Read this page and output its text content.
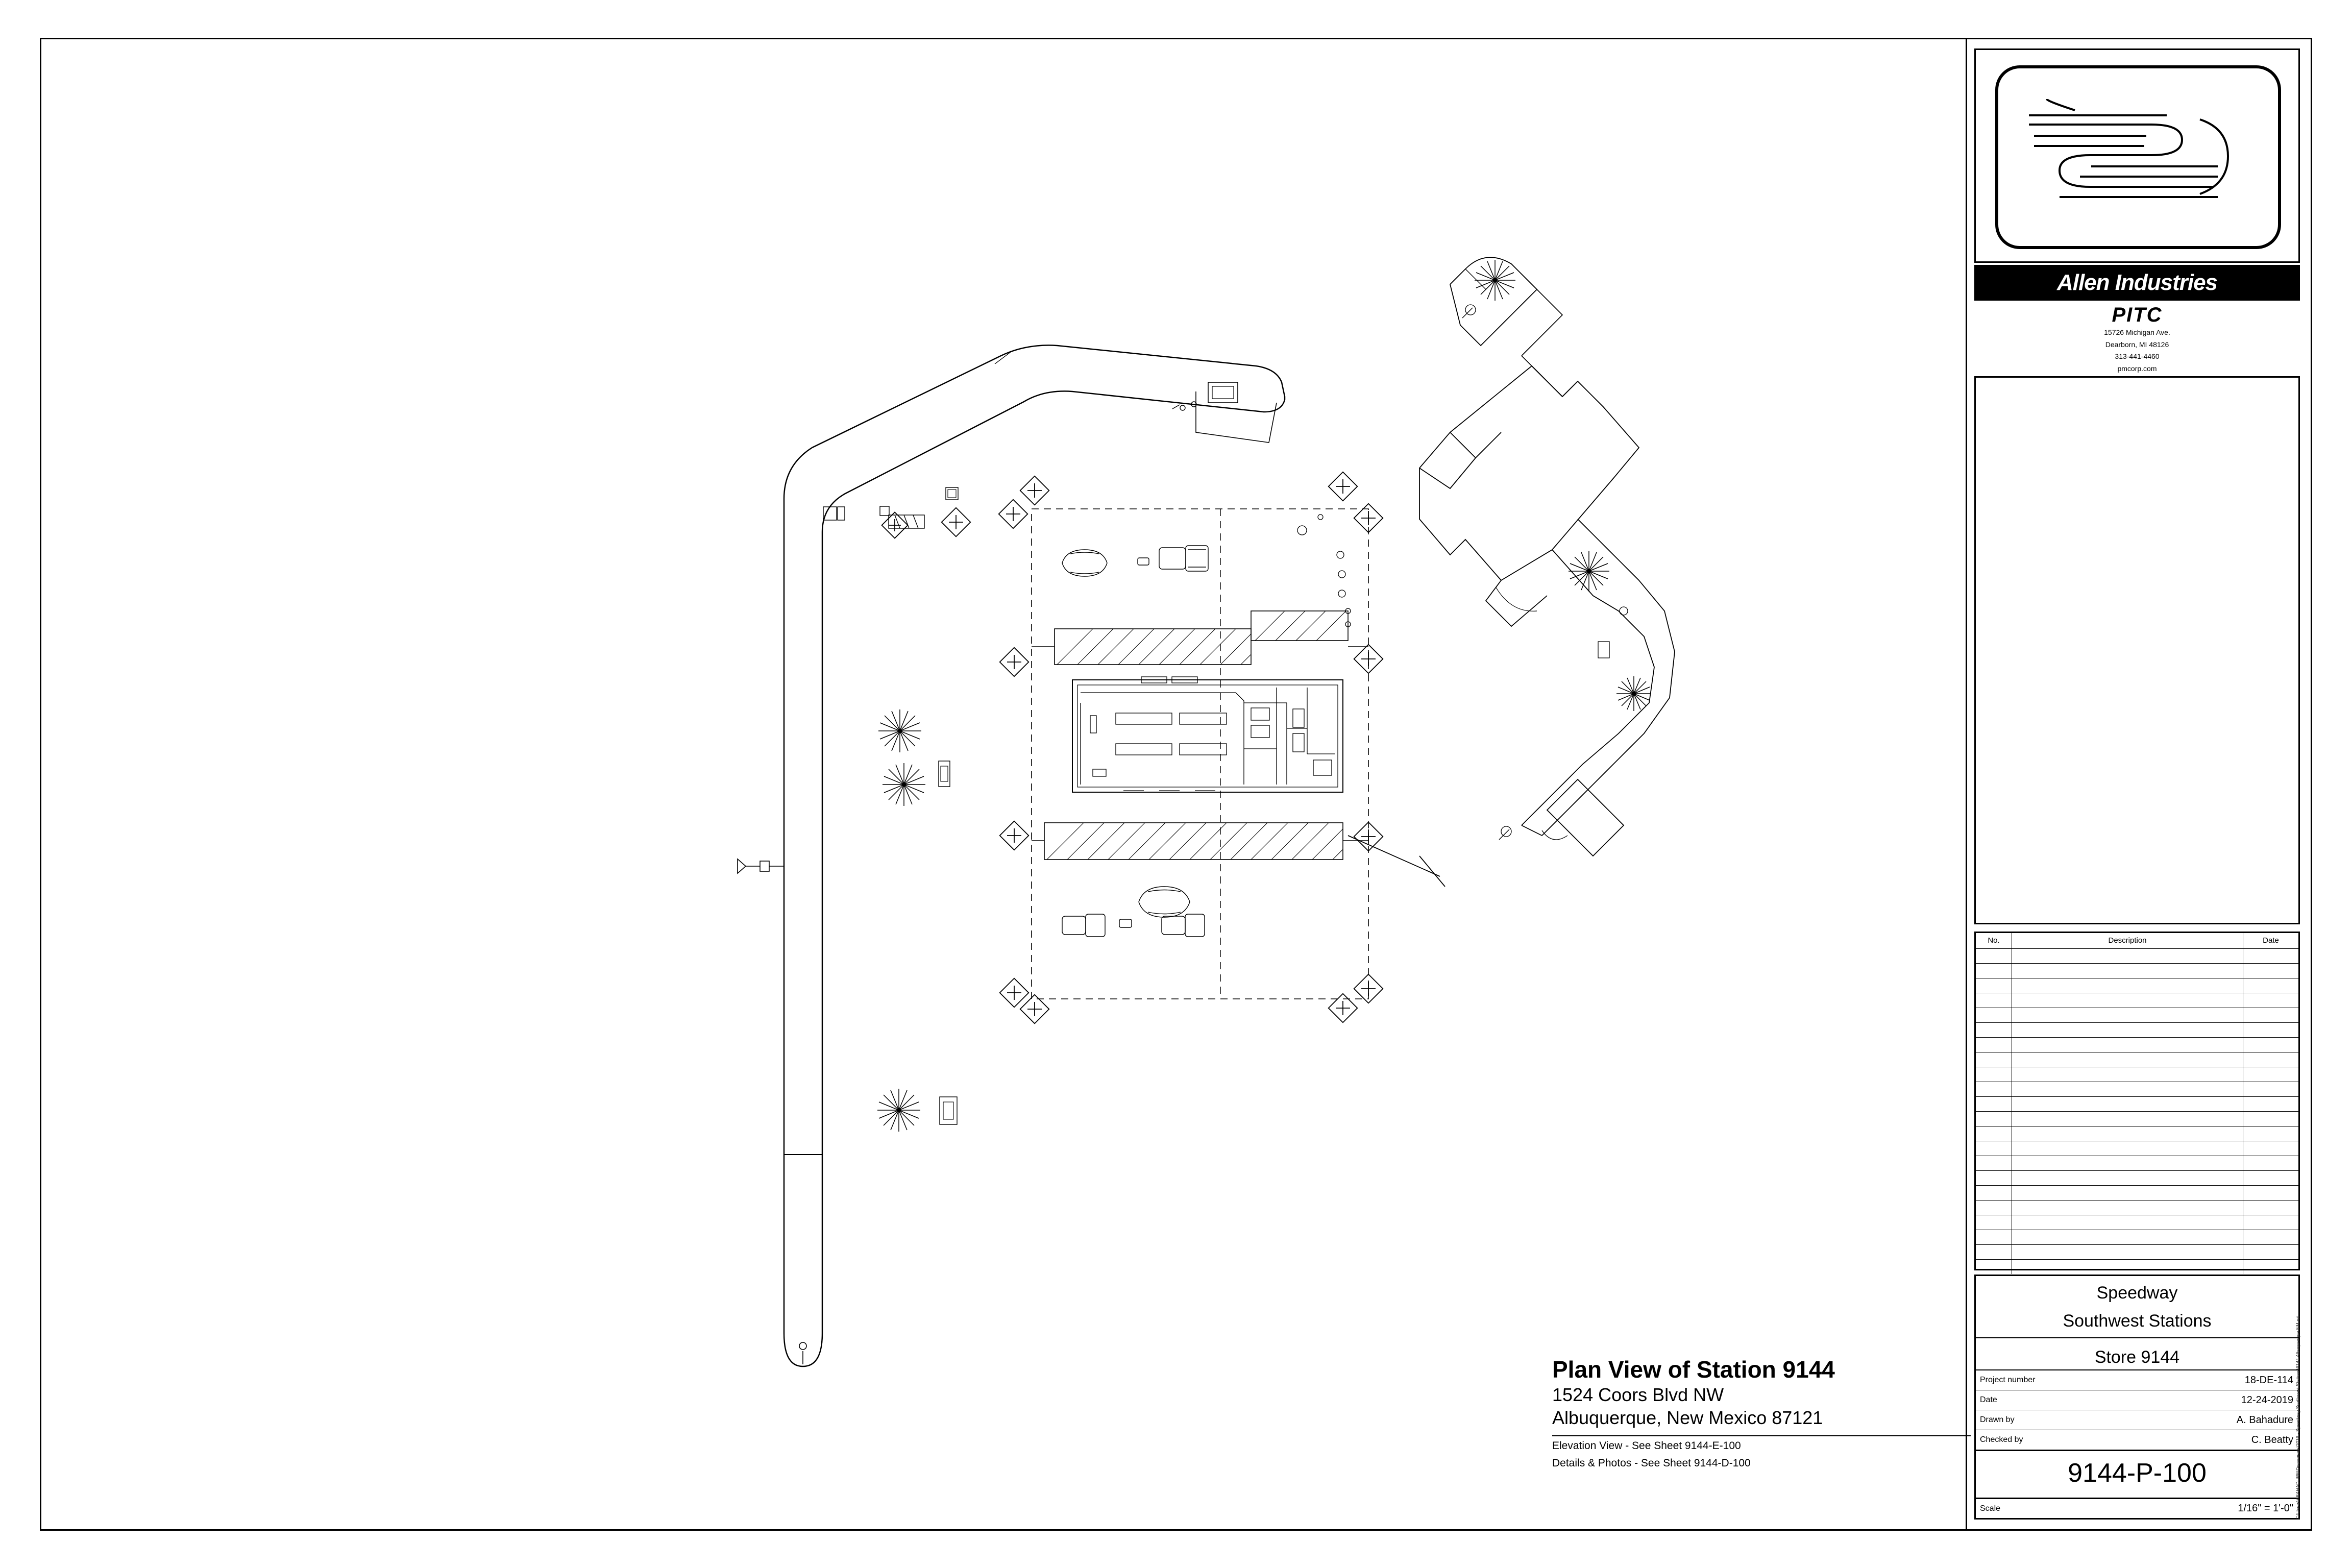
Plan View of Station 9144
1524 Coors Blvd NW
Albuquerque, New Mexico 87121
Elevation View - See Sheet 9144-E-100
Details & Photos - See Sheet 9144-D-100
Allen Industries
PITC
15726 Michigan Ave.
Dearborn, MI 48126
313-441-4460
pmcorp.com
No.	Description	Date
Speedway
Southwest Stations
Store 9144
Project number	18-DE-114
Date	12-24-2019
Drawn by	A. Bahadure
Checked by	C. Beatty
9144-P-100
Scale	1/16" = 1'-0" C:\Users\ABAHADURE\Documents\2019 - Speedway Southwest Stations\9144 Albuquerque NM.rvt
